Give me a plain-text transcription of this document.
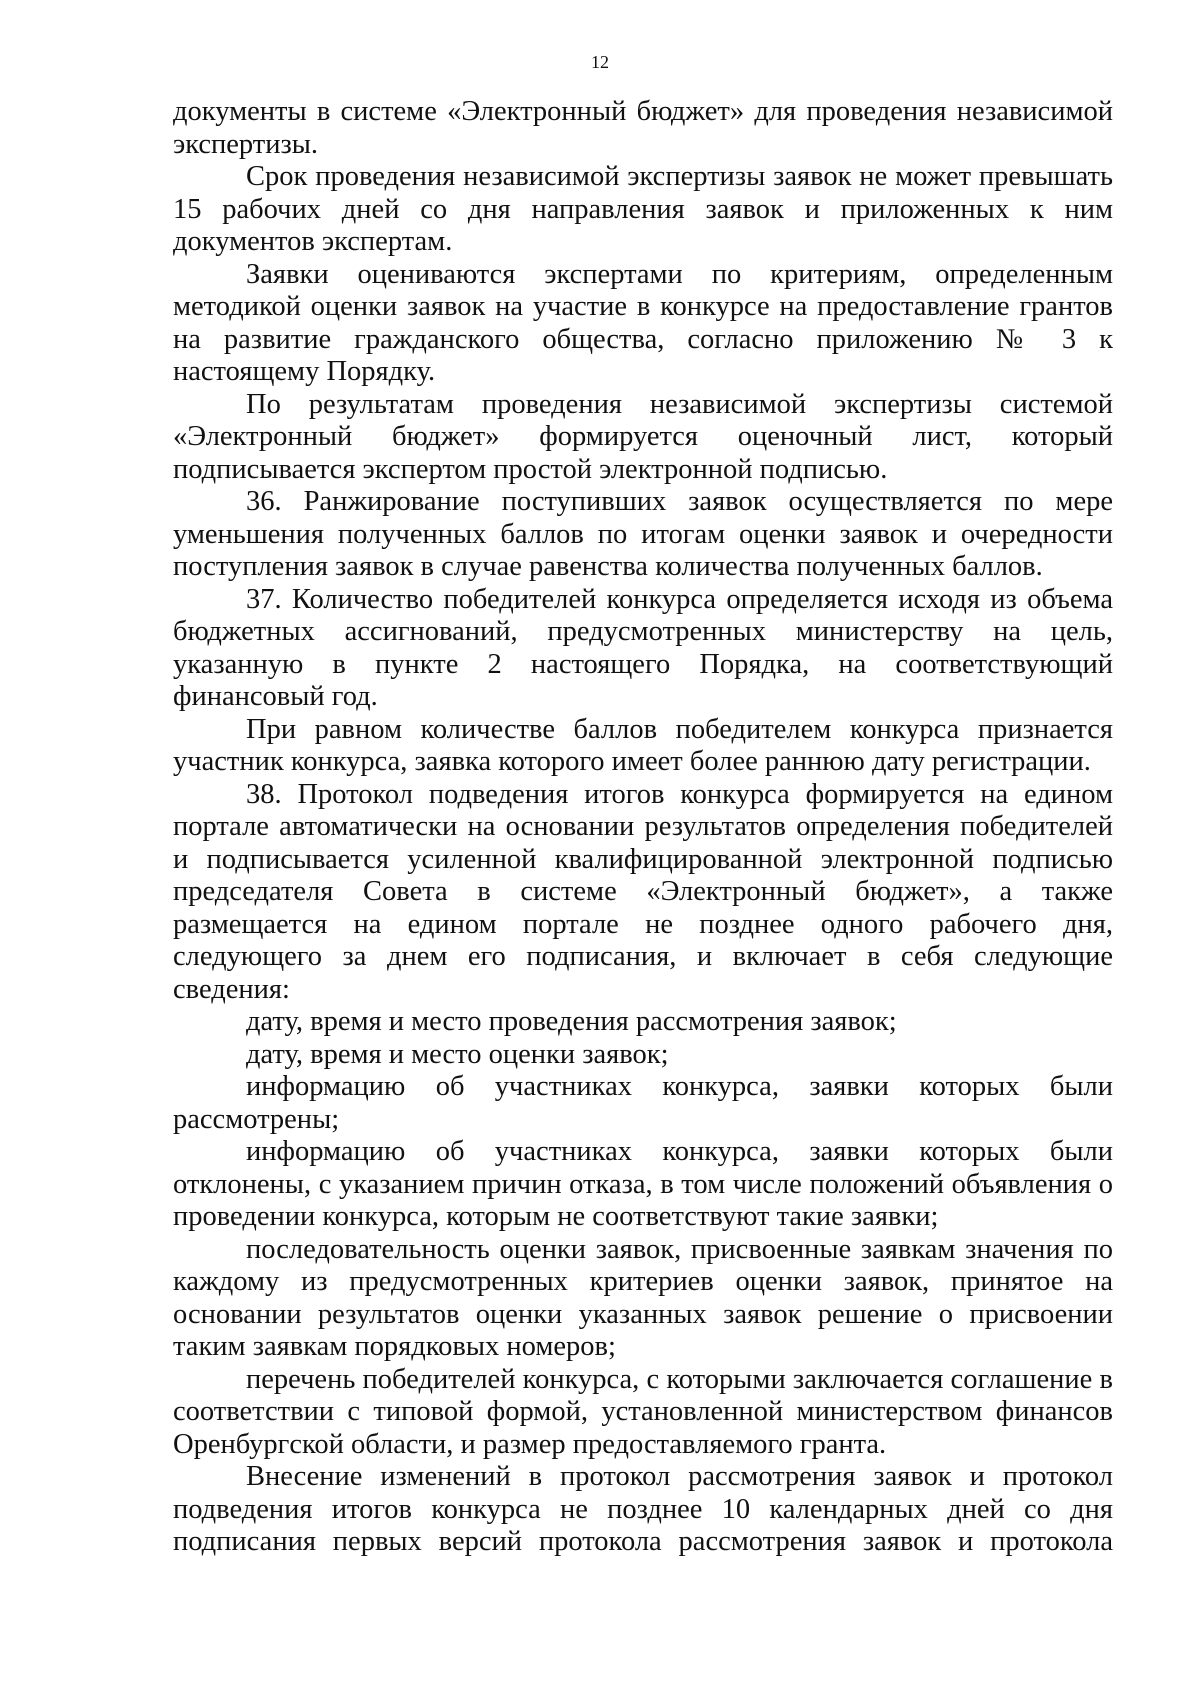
12

документы в системе «Электронный бюджет» для проведения независимой экспертизы.

Срок проведения независимой экспертизы заявок не может превышать 15 рабочих дней со дня направления заявок и приложенных к ним документов экспертам.

Заявки оцениваются экспертами по критериям, определенным методикой оценки заявок на участие в конкурсе на предоставление грантов на развитие гражданского общества, согласно приложению № 3 к настоящему Порядку.

По результатам проведения независимой экспертизы системой «Электронный бюджет» формируется оценочный лист, который подписывается экспертом простой электронной подписью.

36. Ранжирование поступивших заявок осуществляется по мере уменьшения полученных баллов по итогам оценки заявок и очередности поступления заявок в случае равенства количества полученных баллов.

37. Количество победителей конкурса определяется исходя из объема бюджетных ассигнований, предусмотренных министерству на цель, указанную в пункте 2 настоящего Порядка, на соответствующий финансовый год.

При равном количестве баллов победителем конкурса признается участник конкурса, заявка которого имеет более раннюю дату регистрации.

38. Протокол подведения итогов конкурса формируется на едином портале автоматически на основании результатов определения победителей и подписывается усиленной квалифицированной электронной подписью председателя Совета в системе «Электронный бюджет», а также размещается на едином портале не позднее одного рабочего дня, следующего за днем его подписания, и включает в себя следующие сведения:

дату, время и место проведения рассмотрения заявок;

дату, время и место оценки заявок;

информацию об участниках конкурса, заявки которых были рассмотрены;

информацию об участниках конкурса, заявки которых были отклонены, с указанием причин отказа, в том числе положений объявления о проведении конкурса, которым не соответствуют такие заявки;

последовательность оценки заявок, присвоенные заявкам значения по каждому из предусмотренных критериев оценки заявок, принятое на основании результатов оценки указанных заявок решение о присвоении таким заявкам порядковых номеров;

перечень победителей конкурса, с которыми заключается соглашение в соответствии с типовой формой, установленной министерством финансов Оренбургской области, и размер предоставляемого гранта.

Внесение изменений в протокол рассмотрения заявок и протокол подведения итогов конкурса не позднее 10 календарных дней со дня подписания первых версий протокола рассмотрения заявок и протокола
